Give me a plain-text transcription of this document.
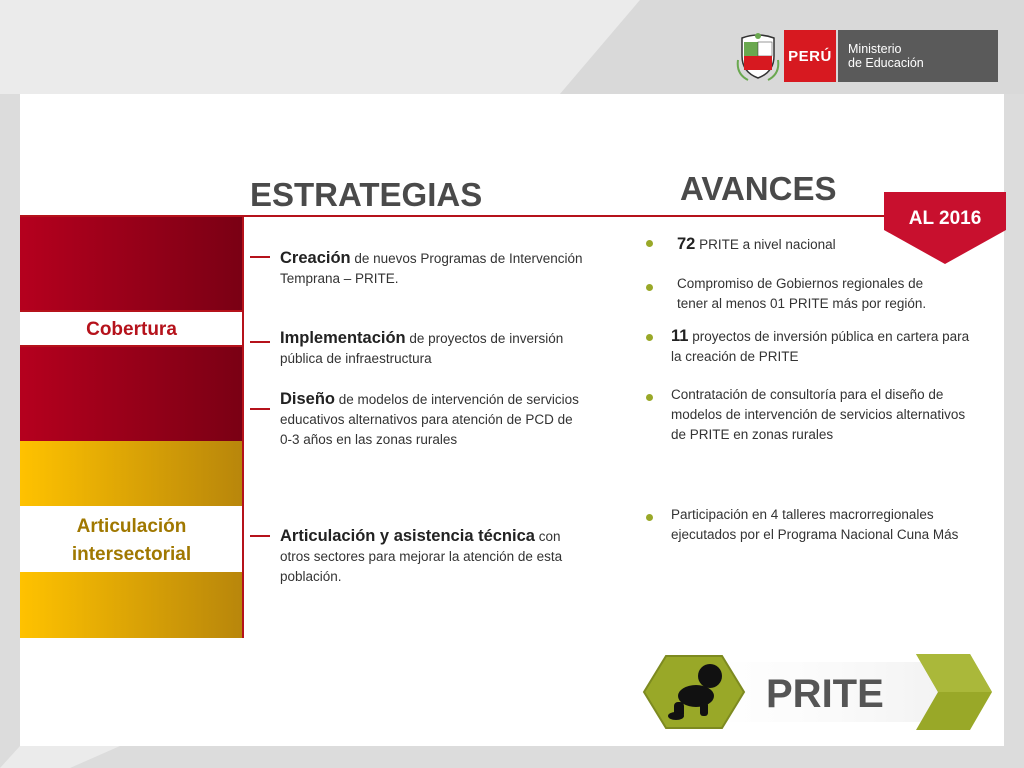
PERÚ	Ministerio
de Educación
ESTRATEGIAS	AVANCES
AL 2016
Cobertura
Articulación
intersectorial
Creación de nuevos Programas de Intervención Temprana – PRITE.
Implementación de proyectos de inversión pública de infraestructura
Diseño de modelos de intervención de servicios educativos alternativos para atención de PCD de 0-3 años en las zonas rurales
Articulación y asistencia técnica con otros sectores para mejorar la atención de esta población.
72 PRITE a nivel nacional
Compromiso de Gobiernos regionales de tener al menos 01 PRITE más por región.
11 proyectos de inversión pública en cartera para la creación de PRITE
Contratación de consultoría para el diseño de modelos de intervención de servicios alternativos de PRITE en zonas rurales
Participación en 4 talleres macrorregionales ejecutados por el Programa Nacional Cuna Más
PRITE
